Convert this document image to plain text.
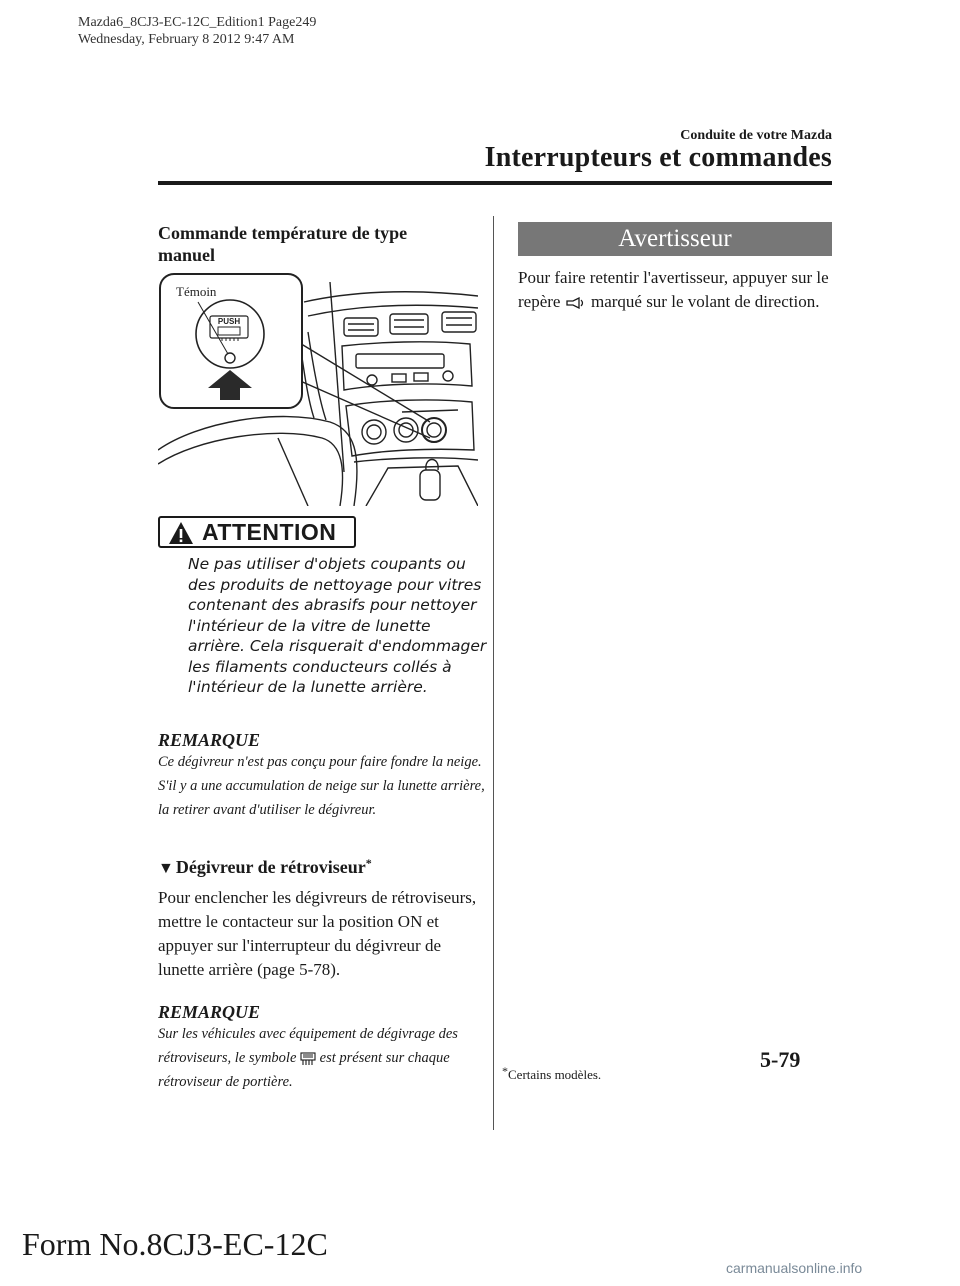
Mazda6_8CJ3-EC-12C_Edition1 Page249
Wednesday, February 8 2012 9:47 AM
Conduite de votre Mazda
Interrupteurs et commandes
Commande température de type manuel
PUSH
Témoin
ATTENTION
Ne pas utiliser d'objets coupants ou des produits de nettoyage pour vitres contenant des abrasifs pour nettoyer l'intérieur de la vitre de lunette arrière. Cela risquerait d'endommager les filaments conducteurs collés à l'intérieur de la lunette arrière.
REMARQUE
Ce dégivreur n'est pas conçu pour faire fondre la neige. S'il y a une accumulation de neige sur la lunette arrière, la retirer avant d'utiliser le dégivreur.
▼ Dégivreur de rétroviseur*
Pour enclencher les dégivreurs de rétroviseurs, mettre le contacteur sur la position ON et appuyer sur l'interrupteur du dégivreur de lunette arrière (page 5-78).
REMARQUE
Sur les véhicules avec équipement de dégivrage des rétroviseurs, le symbole est présent sur chaque rétroviseur de portière.
Avertisseur
Pour faire retentir l'avertisseur, appuyer sur le repère marqué sur le volant de direction.
*Certains modèles.
5-79
Form No.8CJ3-EC-12C
carmanualsonline.info
